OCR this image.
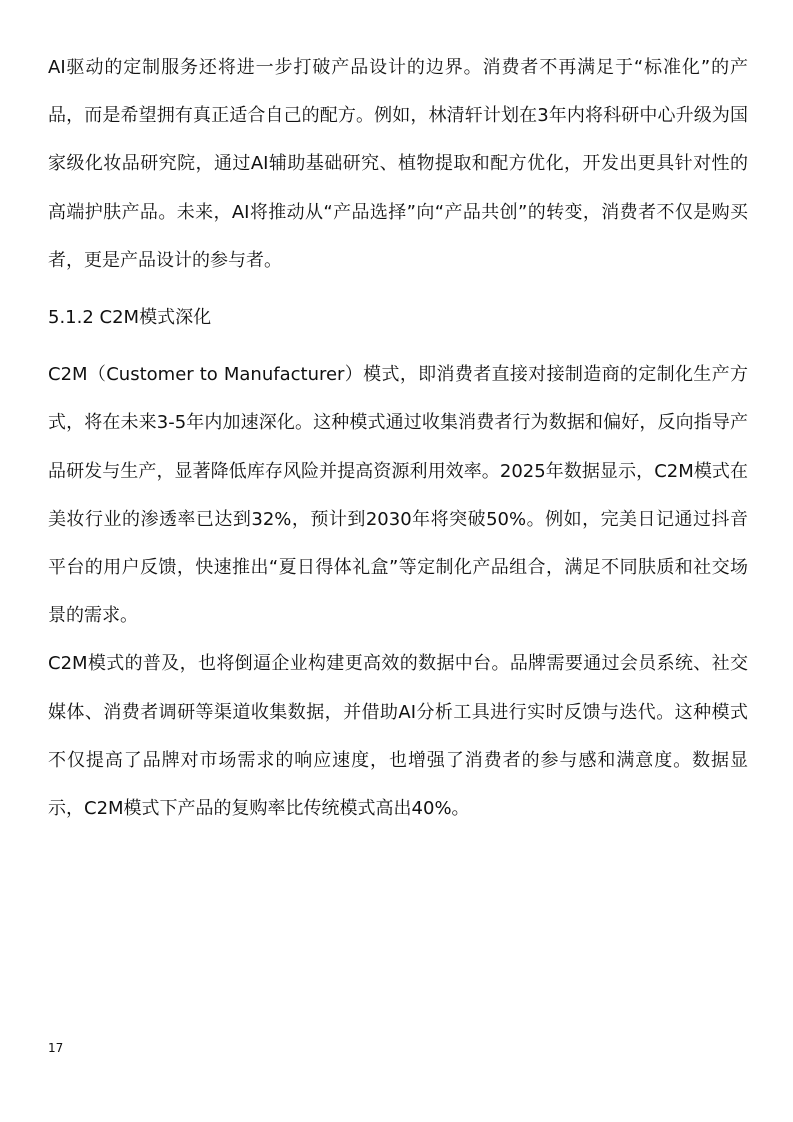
AI驱动的定制服务还将进一步打破产品设计的边界。消费者不再满足于“标准化”的产品，而是希望拥有真正适合自己的配方。例如，林清轩计划在3年内将科研中心升级为国家级化妆品研究院，通过AI辅助基础研究、植物提取和配方优化，开发出更具针对性的高端护肤产品。未来，AI将推动从“产品选择”向“产品共创”的转变，消费者不仅是购买者，更是产品设计的参与者。

5.1.2 C2M模式深化

C2M（Customer to Manufacturer）模式，即消费者直接对接制造商的定制化生产方式，将在未来3-5年内加速深化。这种模式通过收集消费者行为数据和偏好，反向指导产品研发与生产，显著降低库存风险并提高资源利用效率。2025年数据显示，C2M模式在美妆行业的渗透率已达到32%，预计到2030年将突破50%。例如，完美日记通过抖音平台的用户反馈，快速推出“夏日得体礼盒”等定制化产品组合，满足不同肤质和社交场景的需求。

C2M模式的普及，也将倒逼企业构建更高效的数据中台。品牌需要通过会员系统、社交媒体、消费者调研等渠道收集数据，并借助AI分析工具进行实时反馈与迭代。这种模式不仅提高了品牌对市场需求的响应速度，也增强了消费者的参与感和满意度。数据显示，C2M模式下产品的复购率比传统模式高出40%。

17
